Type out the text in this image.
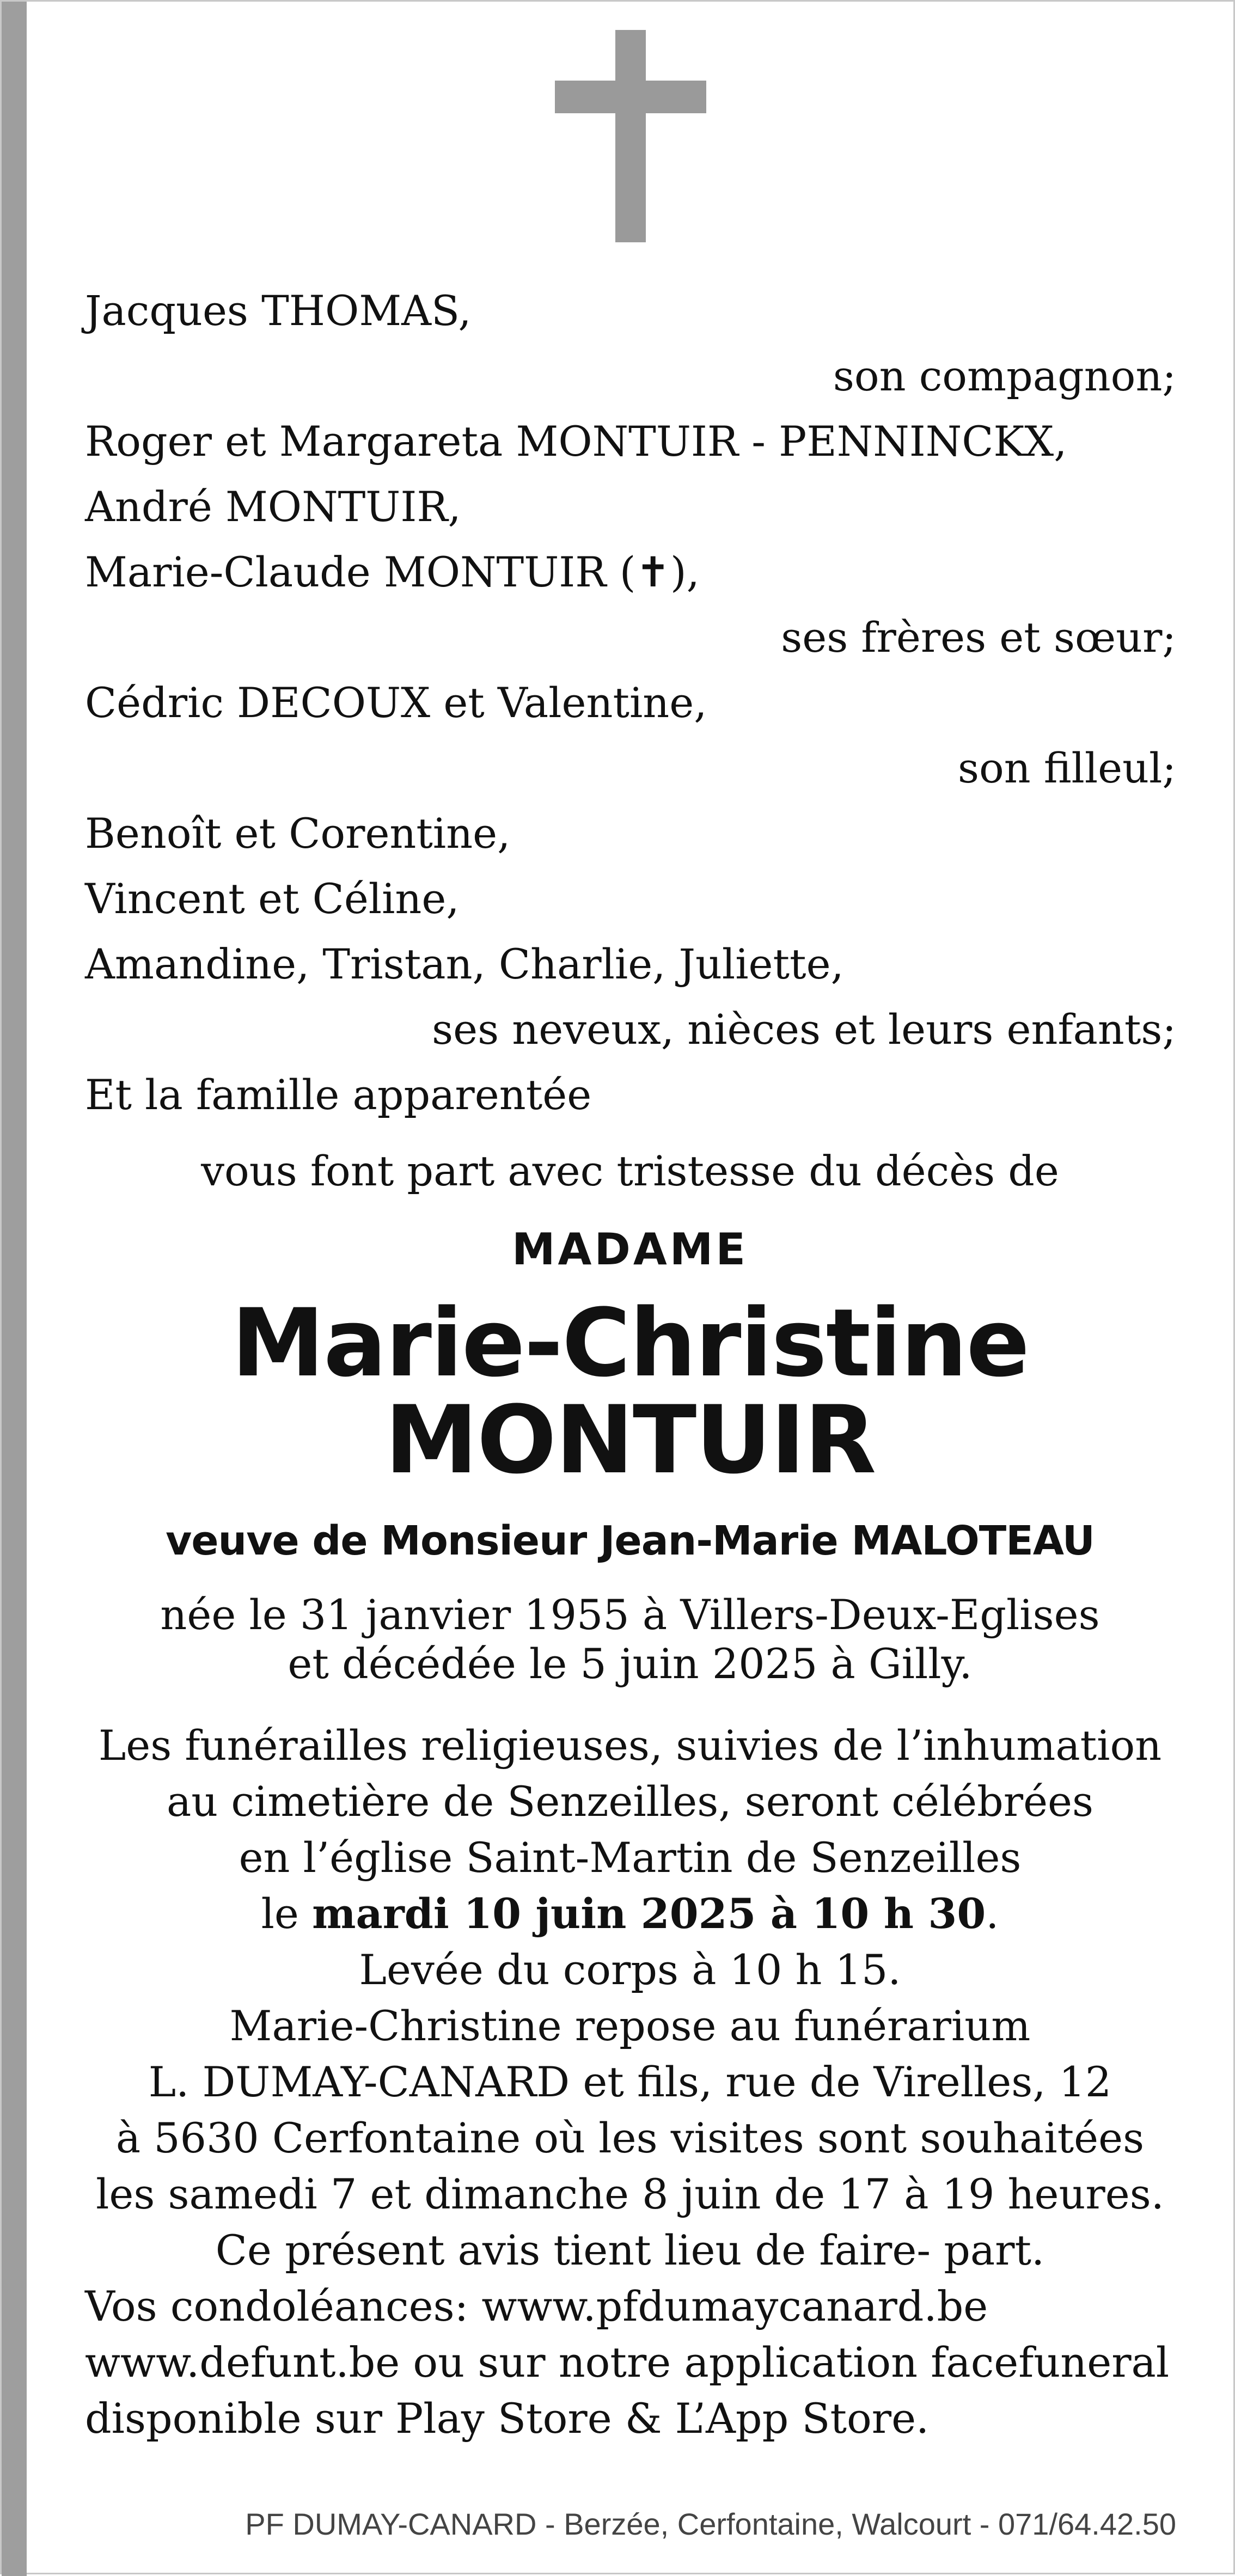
Jacques THOMAS,
son compagnon;
Roger et Margareta MONTUIR - PENNINCKX,
André MONTUIR,
Marie-Claude MONTUIR (✝),
ses frères et sœur;
Cédric DECOUX et Valentine,
son filleul;
Benoît et Corentine,
Vincent et Céline,
Amandine, Tristan, Charlie, Juliette,
ses neveux, nièces et leurs enfants;
Et la famille apparentée
vous font part avec tristesse du décès de
MADAME
Marie-Christine
MONTUIR
veuve de Monsieur Jean-Marie MALOTEAU
née le 31 janvier 1955 à Villers-Deux-Eglises
et décédée le 5 juin 2025 à Gilly.
Les funérailles religieuses, suivies de l’inhumation
au cimetière de Senzeilles, seront célébrées
en l’église Saint-Martin de Senzeilles
le mardi 10 juin 2025 à 10 h 30.
Levée du corps à 10 h 15.
Marie-Christine repose au funérarium
L. DUMAY-CANARD et fils, rue de Virelles, 12
à 5630 Cerfontaine où les visites sont souhaitées
les samedi 7 et dimanche 8 juin de 17 à 19 heures.
Ce présent avis tient lieu de faire- part.
Vos condoléances: www.pfdumaycanard.be
www.defunt.be ou sur notre application facefuneral
disponible sur Play Store & L’App Store.
PF DUMAY-CANARD - Berzée, Cerfontaine, Walcourt - 071/64.42.50
